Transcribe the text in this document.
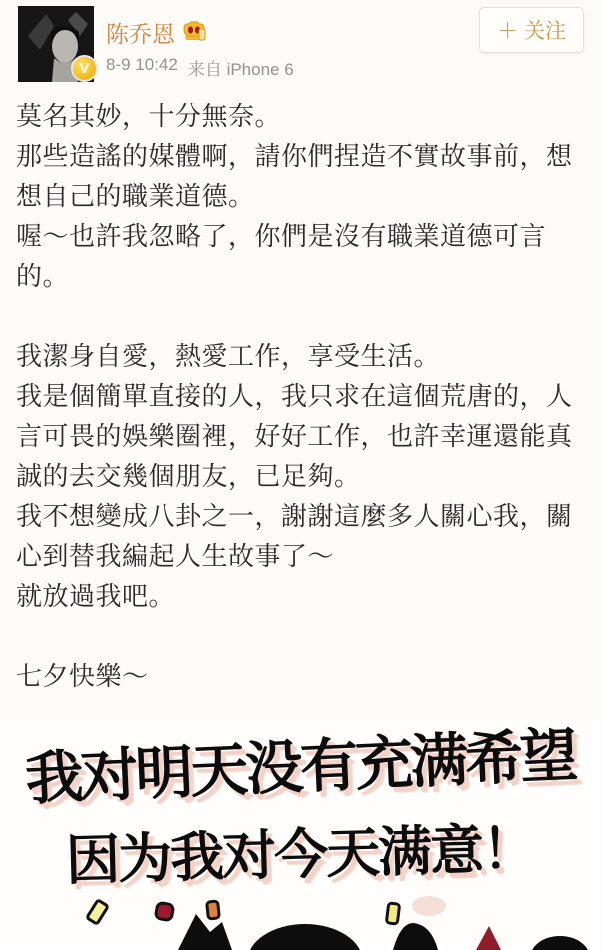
V
陈乔恩
8-9 10:42 来自 iPhone 6
＋ 关注

莫名其妙，十分無奈。

那些造謠的媒體啊，請你們捏造不實故事前，想想自己的職業道德。

喔～也許我忽略了，你們是沒有職業道德可言的。

我潔身自愛，熱愛工作，享受生活。

我是個簡單直接的人，我只求在這個荒唐的，人言可畏的娛樂圈裡，好好工作，也許幸運還能真誠的去交幾個朋友，已足夠。

我不想變成八卦之一，謝謝這麼多人關心我，關心到替我編起人生故事了～

就放過我吧。

七夕快樂～

我对明天没有充满希望
因为我对今天满意！
